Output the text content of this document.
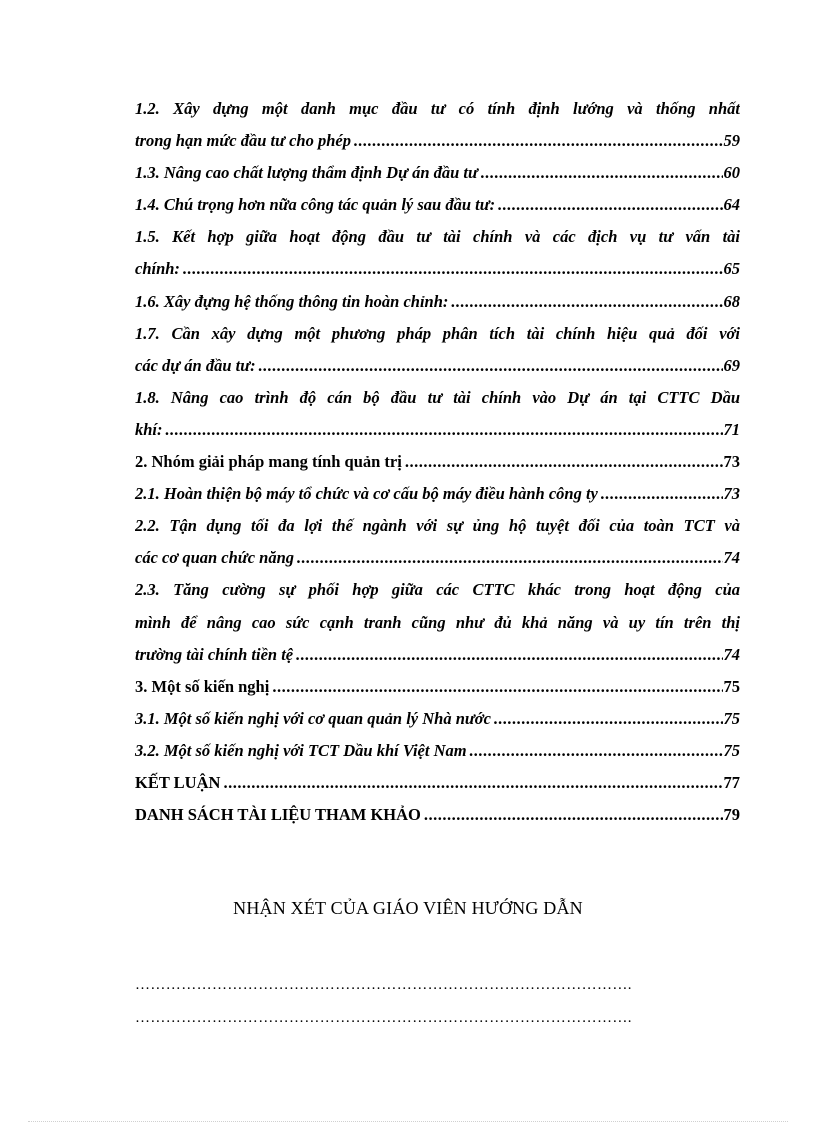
1.2. Xây dựng một danh mục đầu tư có tính định lướng và thống nhất
trong hạn mức đầu tư cho phép .....	59
1.3. Nâng cao chất lượng thẩm định Dự án đầu tư .....	60
1.4. Chú trọng hơn nữa công tác quản lý sau đầu tư: .....	64
1.5. Kết hợp giữa hoạt động đầu tư tài chính và các địch vụ tư vấn tài
chính: .....	65
1.6. Xây đựng hệ thống thông tin hoàn chỉnh: .....	68
1.7. Cần xây dựng một phương pháp phân tích tài chính hiệu quả đối với
các dự án đầu tư: .....	69
1.8. Nâng cao trình độ cán bộ đầu tư tài chính vào Dự án tại CTTC Dầu
khí: .....	71
2. Nhóm giải pháp mang tính quản trị .....	73
2.1. Hoàn thiện bộ máy tổ chức và cơ cấu bộ máy điều hành công ty .....	73
2.2. Tận dụng tối đa lợi thế ngành với sự ủng hộ tuyệt đối của toàn TCT và
các cơ quan chức năng .....	74
2.3. Tăng cường sự phối hợp giữa các CTTC khác trong hoạt động của
mình để nâng cao sức cạnh tranh cũng như đủ khả năng và uy tín trên thị
trường tài chính tiền tệ .....	74
3. Một số kiến nghị .....	75
3.1. Một số kiến nghị với cơ quan quản lý Nhà nước .....	75
3.2. Một số kiến nghị với TCT Dầu khí Việt Nam .....	75
KẾT LUẬN .....	77
DANH SÁCH TÀI LIỆU THAM KHẢO .....	79
NHẬN XÉT CỦA GIÁO VIÊN HƯỚNG DẪN
…………………………………………………………………………………….
…………………………………………………………………………………….
